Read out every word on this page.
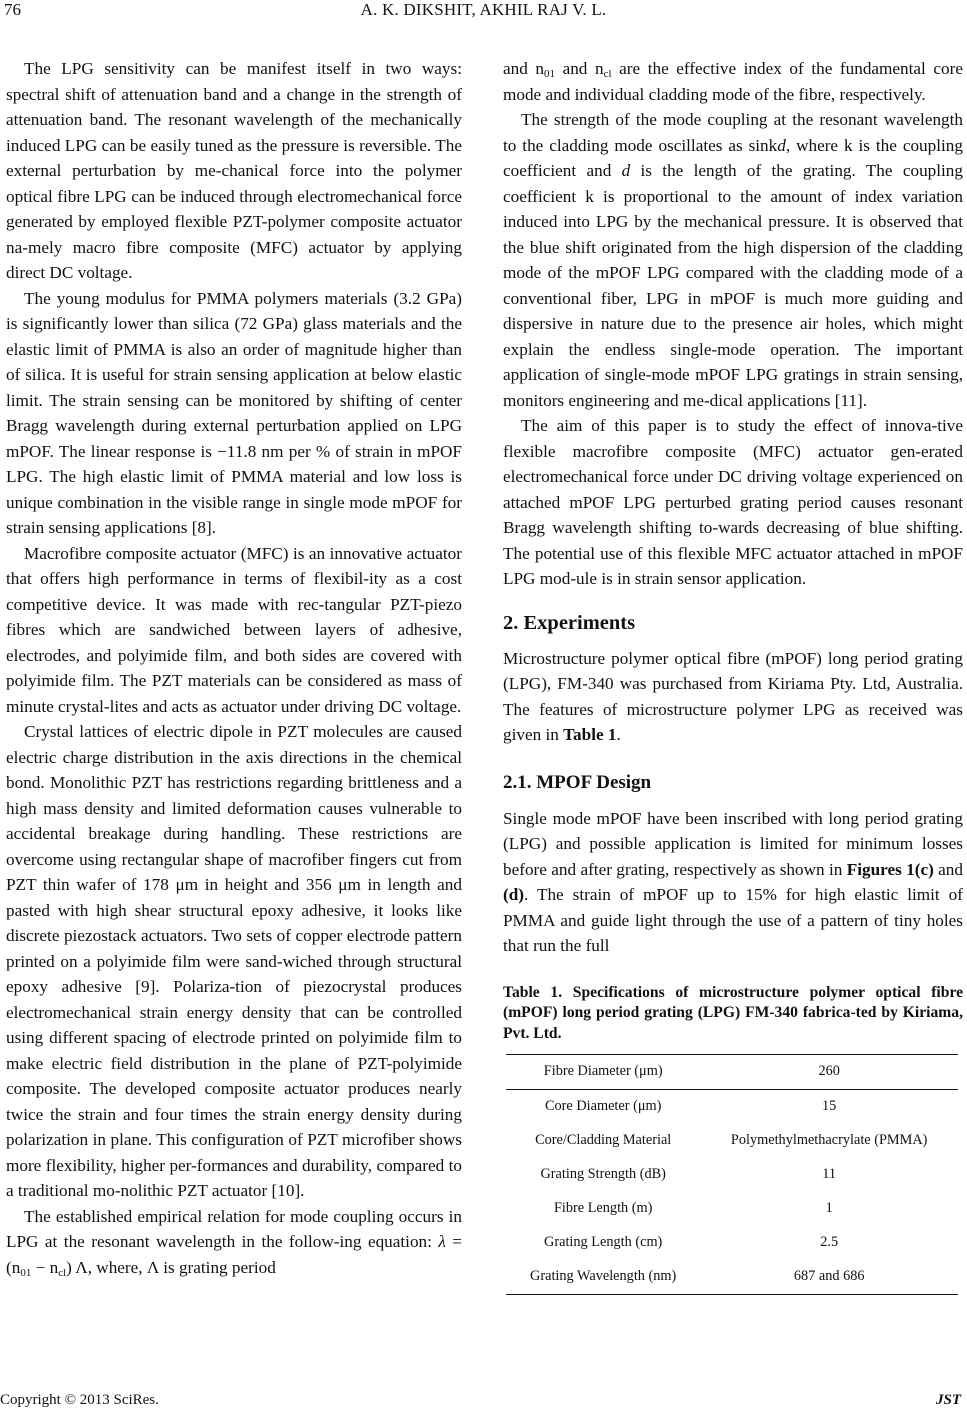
76	A. K. DIKSHIT, AKHIL RAJ V. L.

The LPG sensitivity can be manifest itself in two ways: spectral shift of attenuation band and a change in the strength of attenuation band. The resonant wavelength of the mechanically induced LPG can be easily tuned as the pressure is reversible. The external perturbation by me-chanical force into the polymer optical fibre LPG can be induced through electromechanical force generated by employed flexible PZT-polymer composite actuator na-mely macro fibre composite (MFC) actuator by applying direct DC voltage.

The young modulus for PMMA polymers materials (3.2 GPa) is significantly lower than silica (72 GPa) glass materials and the elastic limit of PMMA is also an order of magnitude higher than of silica. It is useful for strain sensing application at below elastic limit. The strain sensing can be monitored by shifting of center Bragg wavelength during external perturbation applied on LPG mPOF. The linear response is −11.8 nm per % of strain in mPOF LPG. The high elastic limit of PMMA material and low loss is unique combination in the visible range in single mode mPOF for strain sensing applications [8].

Macrofibre composite actuator (MFC) is an innovative actuator that offers high performance in terms of flexibil-ity as a cost competitive device. It was made with rec-tangular PZT-piezo fibres which are sandwiched between layers of adhesive, electrodes, and polyimide film, and both sides are covered with polyimide film. The PZT materials can be considered as mass of minute crystal-lites and acts as actuator under driving DC voltage.

Crystal lattices of electric dipole in PZT molecules are caused electric charge distribution in the axis directions in the chemical bond. Monolithic PZT has restrictions regarding brittleness and a high mass density and limited deformation causes vulnerable to accidental breakage during handling. These restrictions are overcome using rectangular shape of macrofiber fingers cut from PZT thin wafer of 178 μm in height and 356 μm in length and pasted with high shear structural epoxy adhesive, it looks like discrete piezostack actuators. Two sets of copper electrode pattern printed on a polyimide film were sand-wiched through structural epoxy adhesive [9]. Polariza-tion of piezocrystal produces electromechanical strain energy density that can be controlled using different spacing of electrode printed on polyimide film to make electric field distribution in the plane of PZT-polyimide composite. The developed composite actuator produces nearly twice the strain and four times the strain energy density during polarization in plane. This configuration of PZT microfiber shows more flexibility, higher per-formances and durability, compared to a traditional mo-nolithic PZT actuator [10].

The established empirical relation for mode coupling occurs in LPG at the resonant wavelength in the follow-ing equation: $\lambda = (n_{01} - n_{cl})$ Λ, where, Λ is grating period

and $n_{01}$ and $n_{cl}$ are the effective index of the fundamental core mode and individual cladding mode of the fibre, respectively.

The strength of the mode coupling at the resonant wavelength to the cladding mode oscillates as sinkd, where k is the coupling coefficient and d is the length of the grating. The coupling coefficient k is proportional to the amount of index variation induced into LPG by the mechanical pressure. It is observed that the blue shift originated from the high dispersion of the cladding mode of the mPOF LPG compared with the cladding mode of a conventional fiber, LPG in mPOF is much more guiding and dispersive in nature due to the presence air holes, which might explain the endless single-mode operation. The important application of single-mode mPOF LPG gratings in strain sensing, monitors engineering and me-dical applications [11].

The aim of this paper is to study the effect of innova-tive flexible macrofibre composite (MFC) actuator gen-erated electromechanical force under DC driving voltage experienced on attached mPOF LPG perturbed grating period causes resonant Bragg wavelength shifting to-wards decreasing of blue shifting. The potential use of this flexible MFC actuator attached in mPOF LPG mod-ule is in strain sensor application.

2. Experiments

Microstructure polymer optical fibre (mPOF) long period grating (LPG), FM-340 was purchased from Kiriama Pty. Ltd, Australia. The features of microstructure polymer LPG as received was given in Table 1.

2.1. MPOF Design

Single mode mPOF have been inscribed with long period grating (LPG) and possible application is limited for minimum losses before and after grating, respectively as shown in Figures 1(c) and (d). The strain of mPOF up to 15% for high elastic limit of PMMA and guide light through the use of a pattern of tiny holes that run the full

Table 1. Specifications of microstructure polymer optical fibre (mPOF) long period grating (LPG) FM-340 fabrica-ted by Kiriama, Pvt. Ltd.
Fibre Diameter (μm)	260
Core Diameter (μm)	15
Core/Cladding Material	Polymethylmethacrylate (PMMA)
Grating Strength (dB)	11
Fibre Length (m)	1
Grating Length (cm)	2.5
Grating Wavelength (nm)	687 and 686
Copyright © 2013 SciRes.	JST
